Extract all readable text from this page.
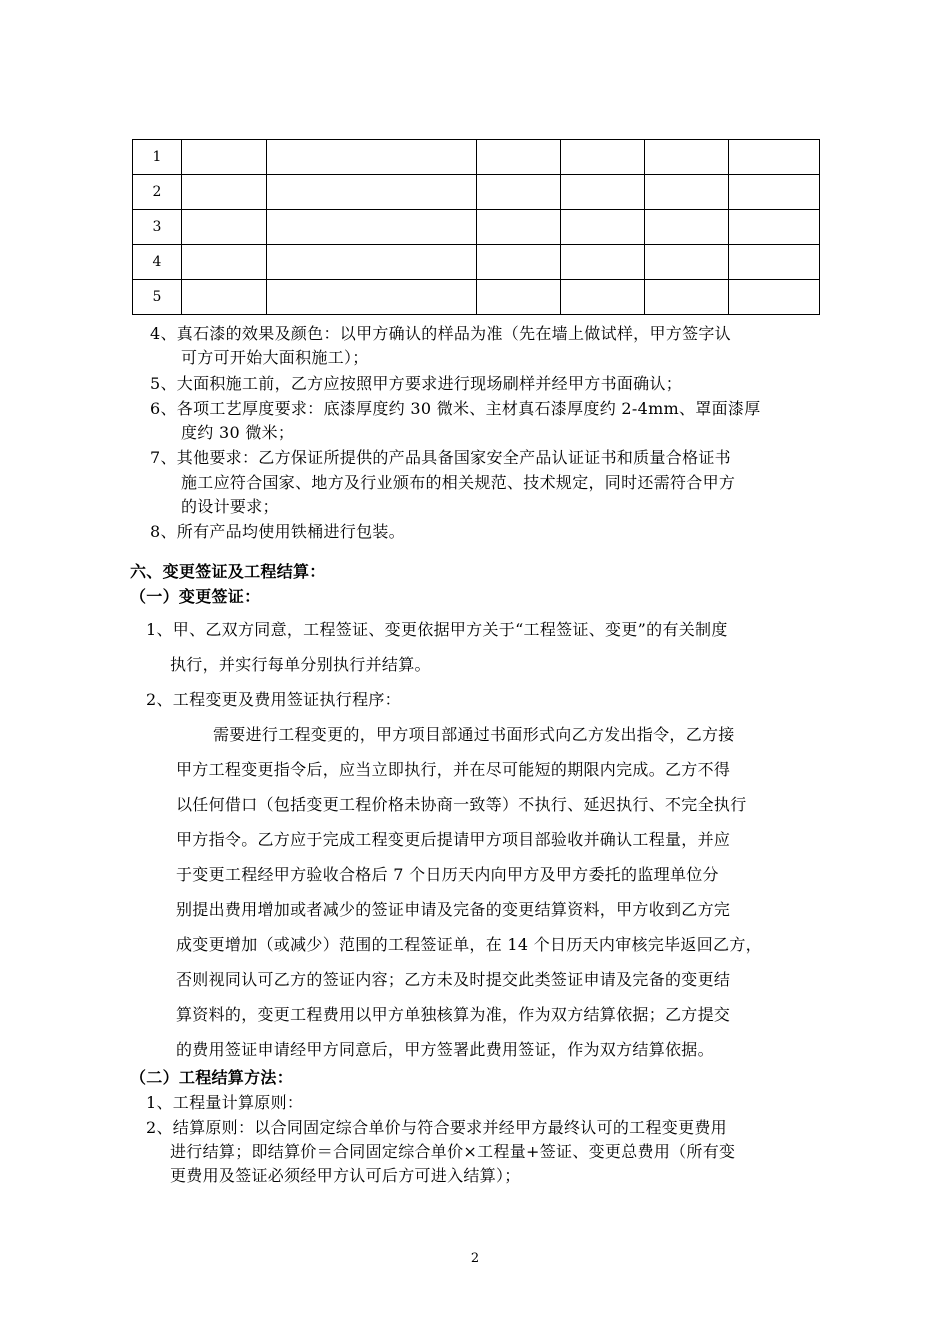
1						
2						
3						
4						
5						
4、真石漆的效果及颜色：以甲方确认的样品为准（先在墙上做试样，甲方签字认
可方可开始大面积施工）；
5、大面积施工前，乙方应按照甲方要求进行现场刷样并经甲方书面确认；
6、各项工艺厚度要求：底漆厚度约 30 微米、主材真石漆厚度约 2-4mm、罩面漆厚
度约 30 微米；
7、其他要求：乙方保证所提供的产品具备国家安全产品认证证书和质量合格证书
施工应符合国家、地方及行业颁布的相关规范、技术规定，同时还需符合甲方
的设计要求；
8、所有产品均使用铁桶进行包装。
六、变更签证及工程结算：
（一）变更签证：
1、甲、乙双方同意，工程签证、变更依据甲方关于“工程签证、变更”的有关制度
执行，并实行每单分别执行并结算。
2、工程变更及费用签证执行程序：
需要进行工程变更的，甲方项目部通过书面形式向乙方发出指令，乙方接
甲方工程变更指令后，应当立即执行，并在尽可能短的期限内完成。乙方不得
以任何借口（包括变更工程价格未协商一致等）不执行、延迟执行、不完全执行
甲方指令。乙方应于完成工程变更后提请甲方项目部验收并确认工程量，并应
于变更工程经甲方验收合格后 7 个日历天内向甲方及甲方委托的监理单位分
别提出费用增加或者减少的签证申请及完备的变更结算资料，甲方收到乙方完
成变更增加（或减少）范围的工程签证单，在 14 个日历天内审核完毕返回乙方，
否则视同认可乙方的签证内容；乙方未及时提交此类签证申请及完备的变更结
算资料的，变更工程费用以甲方单独核算为准，作为双方结算依据；乙方提交
的费用签证申请经甲方同意后，甲方签署此费用签证，作为双方结算依据。
（二）工程结算方法：
1、工程量计算原则：
2、结算原则：以合同固定综合单价与符合要求并经甲方最终认可的工程变更费用
进行结算；即结算价＝合同固定综合单价×工程量+签证、变更总费用（所有变
更费用及签证必须经甲方认可后方可进入结算）；
2
